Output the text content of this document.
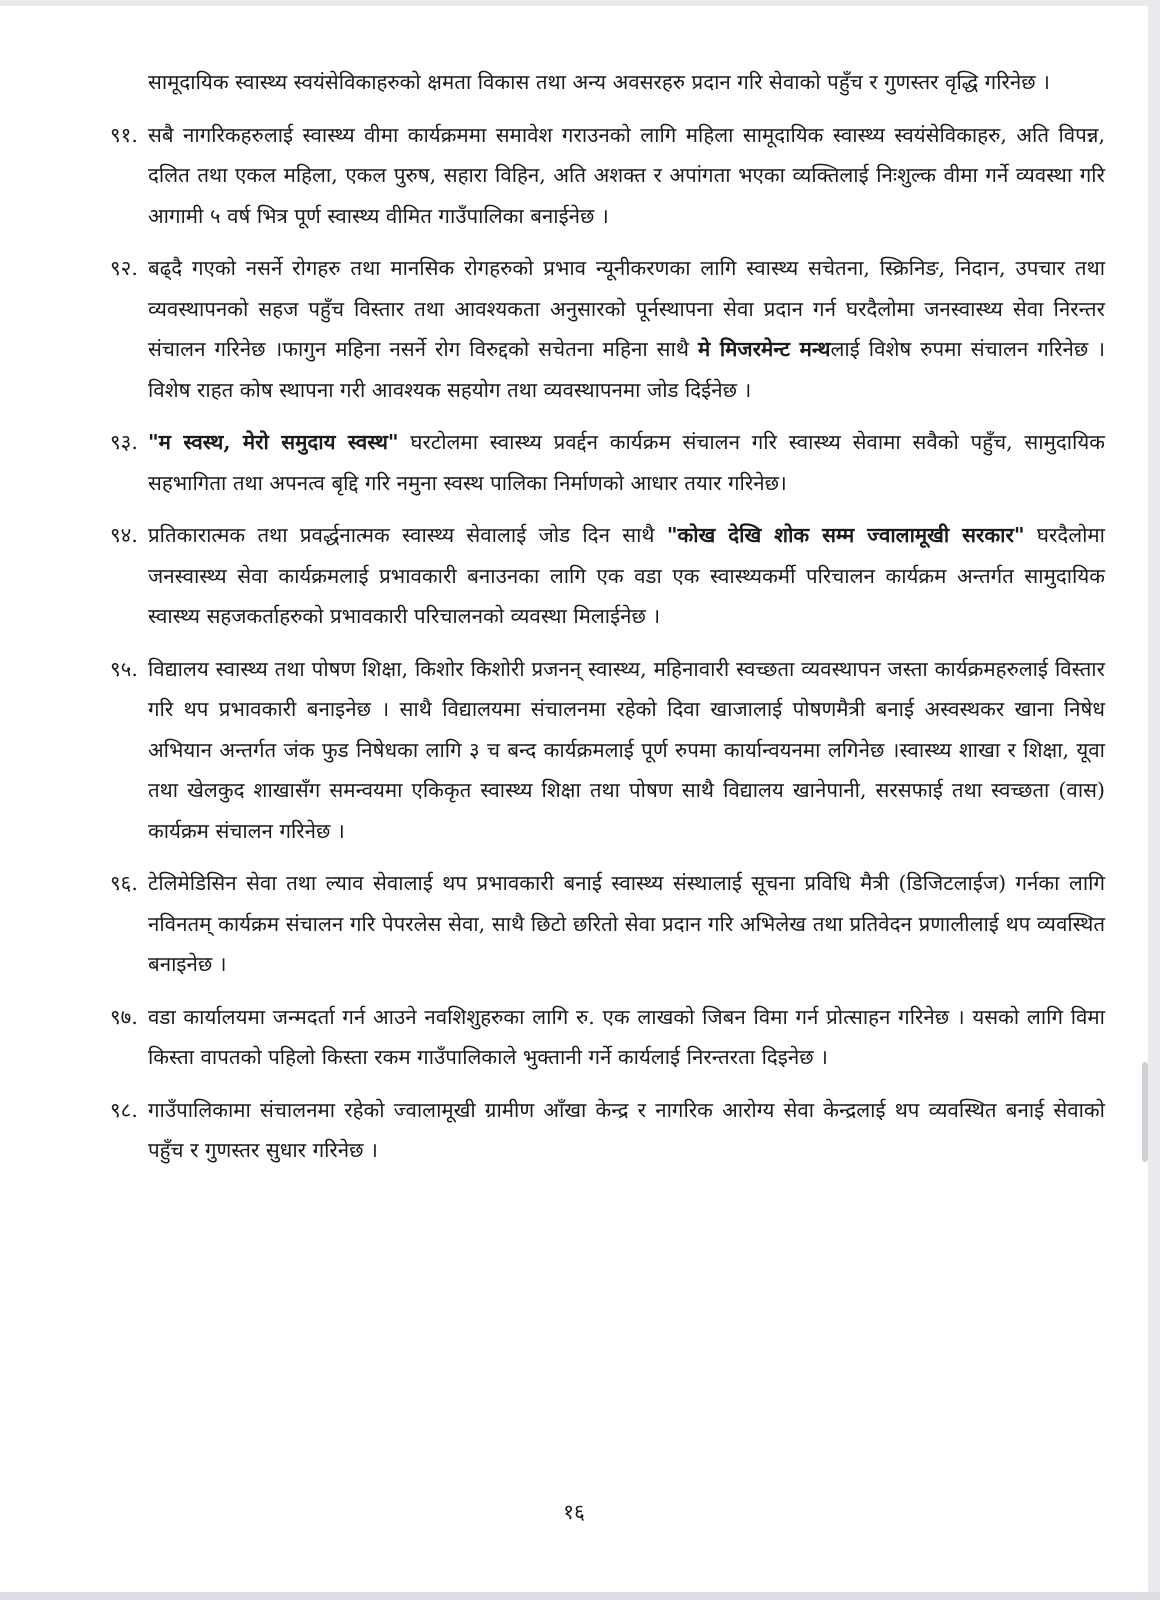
सामूदायिक स्वास्थ्य स्वयंसेविकाहरुको क्षमता विकास तथा अन्य अवसरहरु प्रदान गरि सेवाको पहुँच र गुणस्तर वृद्धि गरिनेछ ।

९१. सबै नागरिकहरुलाई स्वास्थ्य वीमा कार्यक्रममा समावेश गराउनको लागि महिला सामूदायिक स्वास्थ्य स्वयंसेविकाहरु, अति विपन्न, दलित तथा एकल महिला, एकल पुरुष, सहारा विहिन, अति अशक्त र अपांगता भएका व्यक्तिलाई निःशुल्क वीमा गर्ने व्यवस्था गरि आगामी ५ वर्ष भित्र पूर्ण स्वास्थ्य वीमित गाउँपालिका बनाईनेछ ।
९२. बढ्दै गएको नसर्ने रोगहरु तथा मानसिक रोगहरुको प्रभाव न्यूनीकरणका लागि स्वास्थ्य सचेतना, स्क्रिनिङ, निदान, उपचार तथा व्यवस्थापनको सहज पहुँच विस्तार तथा आवश्यकता अनुसारको पूर्नस्थापना सेवा प्रदान गर्न घरदैलोमा जनस्वास्थ्य सेवा निरन्तर संचालन गरिनेछ ।फागुन महिना नसर्ने रोग विरुद्दको सचेतना महिना साथै मे मिजरमेन्ट मन्थलाई विशेष रुपमा संचालन गरिनेछ । विशेष राहत कोष स्थापना गरी आवश्यक सहयोग तथा व्यवस्थापनमा जोड दिईनेछ ।
९३. "म स्वस्थ, मेरो समुदाय स्वस्थ" घरटोलमा स्वास्थ्य प्रवर्द्दन कार्यक्रम संचालन गरि स्वास्थ्य सेवामा सवैको पहुँच, सामुदायिक सहभागिता तथा अपनत्व बृद्दि गरि नमुना स्वस्थ पालिका निर्माणको आधार तयार गरिनेछ।
९४. प्रतिकारात्मक तथा प्रवर्द्धनात्मक स्वास्थ्य सेवालाई जोड दिन साथै "कोख देखि शोक सम्म ज्वालामूखी सरकार" घरदैलोमा जनस्वास्थ्य सेवा कार्यक्रमलाई प्रभावकारी बनाउनका लागि एक वडा एक स्वास्थ्यकर्मी परिचालन कार्यक्रम अन्तर्गत सामुदायिक स्वास्थ्य सहजकर्ताहरुको प्रभावकारी परिचालनको व्यवस्था मिलाईनेछ ।
९५. विद्यालय स्वास्थ्य तथा पोषण शिक्षा, किशोर किशोरी प्रजनन् स्वास्थ्य, महिनावारी स्वच्छता व्यवस्थापन जस्ता कार्यक्रमहरुलाई विस्तार गरि थप प्रभावकारी बनाइनेछ । साथै विद्यालयमा संचालनमा रहेको दिवा खाजालाई पोषणमैत्री बनाई अस्वस्थकर खाना निषेध अभियान अन्तर्गत जंक फुड निषेधका लागि ३ च बन्द कार्यक्रमलाई पूर्ण रुपमा कार्यान्वयनमा लगिनेछ ।स्वास्थ्य शाखा र शिक्षा, यूवा तथा खेलकुद शाखासँग समन्वयमा एकिकृत स्वास्थ्य शिक्षा तथा पोषण साथै विद्यालय खानेपानी, सरसफाई तथा स्वच्छता (वास) कार्यक्रम संचालन गरिनेछ ।
९६. टेलिमेडिसिन सेवा तथा ल्याव सेवालाई थप प्रभावकारी बनाई स्वास्थ्य संस्थालाई सूचना प्रविधि मैत्री (डिजिटलाईज) गर्नका लागि नविनतम् कार्यक्रम संचालन गरि पेपरलेस सेवा, साथै छिटो छरितो सेवा प्रदान गरि अभिलेख तथा प्रतिवेदन प्रणालीलाई थप व्यवस्थित बनाइनेछ ।
९७. वडा कार्यालयमा जन्मदर्ता गर्न आउने नवशिशुहरुका लागि रु. एक लाखको जिबन विमा गर्न प्रोत्साहन गरिनेछ । यसको लागि विमा किस्ता वापतको पहिलो किस्ता रकम गाउँपालिकाले भुक्तानी गर्ने कार्यलाई निरन्तरता दिइनेछ ।
९८. गाउँपालिकामा संचालनमा रहेको ज्वालामूखी ग्रामीण आँखा केन्द्र र नागरिक आरोग्य सेवा केन्द्रलाई थप व्यवस्थित बनाई सेवाको पहुँच र गुणस्तर सुधार गरिनेछ ।
१६
